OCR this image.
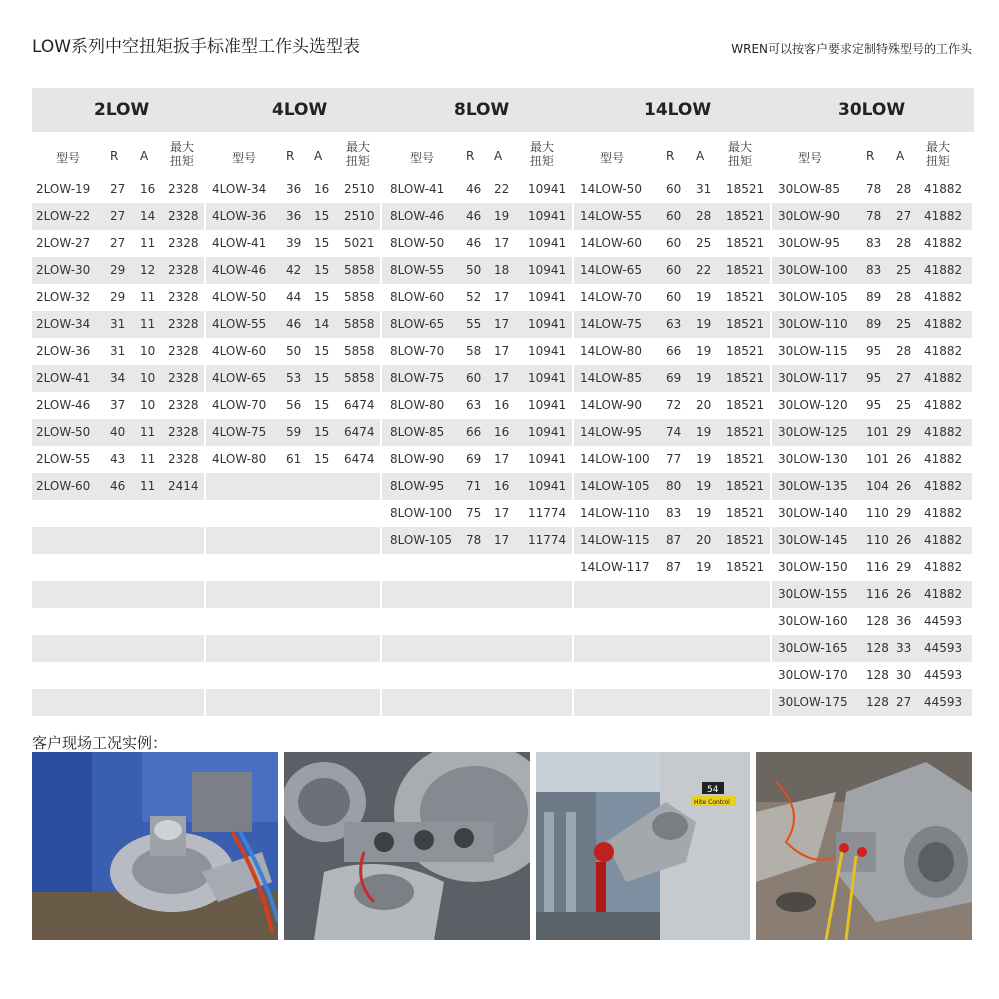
LOW系列中空扭矩扳手标准型工作头选型表	WREN可以按客户要求定制特殊型号的工作头
2LOW	4LOW	8LOW	14LOW	30LOW
型号 R A
最大
扭矩
2LOW-19 27 16 2328
2LOW-22 27 14 2328
2LOW-27 27 11 2328
2LOW-30 29 12 2328
2LOW-32 29 11 2328
2LOW-34 31 11 2328
2LOW-36 31 10 2328
2LOW-41 34 10 2328
2LOW-46 37 10 2328
2LOW-50 40 11 2328
2LOW-55 43 11 2328
2LOW-60 46 11 2414
型号 R A
最大
扭矩
4LOW-34 36 16 2510
4LOW-36 36 15 2510
4LOW-41 39 15 5021
4LOW-46 42 15 5858
4LOW-50 44 15 5858
4LOW-55 46 14 5858
4LOW-60 50 15 5858
4LOW-65 53 15 5858
4LOW-70 56 15 6474
4LOW-75 59 15 6474
4LOW-80 61 15 6474
型号	R A
最大
扭矩
8LOW-41 46 22 10941
8LOW-46 46 19 10941
8LOW-50 46 17 10941
8LOW-55 50 18 10941
8LOW-60 52 17 10941
8LOW-65 55 17 10941
8LOW-70 58 17 10941
8LOW-75 60 17 10941
8LOW-80 63 16 10941
8LOW-85 66 16 10941
8LOW-90 69 17 10941
8LOW-95 71 16 10941
8LOW-100 75 17 11774
8LOW-105 78 17 11774
型号	R A
最大
扭矩
14LOW-50 60 31 18521
14LOW-55 60 28 18521
14LOW-60 60 25 18521
14LOW-65 60 22 18521
14LOW-70 60 19 18521
14LOW-75 63 19 18521
14LOW-80 66 19 18521
14LOW-85 69 19 18521
14LOW-90 72 20 18521
14LOW-95 74 19 18521
14LOW-100 77 19 18521
14LOW-105 80 19 18521
14LOW-110 83 19 18521
14LOW-115 87 20 18521
14LOW-117 87 19 18521
型号	R A
最大
扭矩
30LOW-85 78 28 41882
30LOW-90 78 27 41882
30LOW-95 83 28 41882
30LOW-100 83 25 41882
30LOW-105 89 28 41882
30LOW-110 89 25 41882
30LOW-115 95 28 41882
30LOW-117 95 27 41882
30LOW-120 95 25 41882
30LOW-125 101 29 41882
30LOW-130 101 26 41882
30LOW-135 104 26 41882
30LOW-140 110 29 41882
30LOW-145 110 26 41882
30LOW-150 116 29 41882
30LOW-155 116 26 41882
30LOW-160 128 36 44593
30LOW-165 128 33 44593
30LOW-170 128 30 44593
30LOW-175 128 27 44593
客户现场工况实例：
54
Hite Control
